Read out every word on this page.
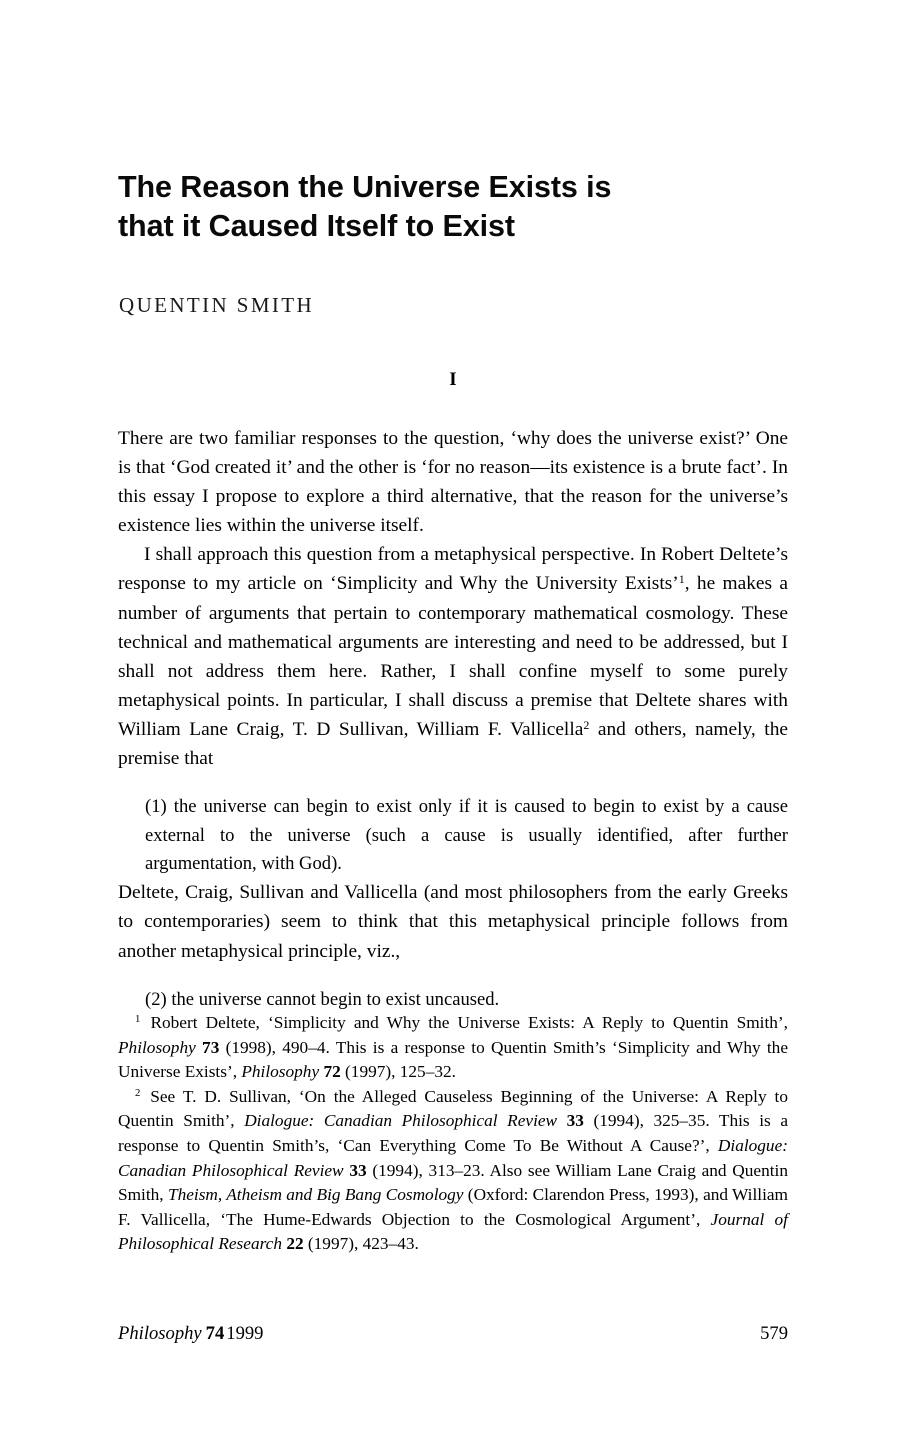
The Reason the Universe Exists is
that it Caused Itself to Exist
QUENTIN SMITH
I

There are two familiar responses to the question, ‘why does the universe exist?’ One is that ‘God created it’ and the other is ‘for no reason—its existence is a brute fact’. In this essay I propose to explore a third alternative, that the reason for the universe’s existence lies within the universe itself.

I shall approach this question from a metaphysical perspective. In Robert Deltete’s response to my article on ‘Simplicity and Why the University Exists’$^1$, he makes a number of arguments that pertain to contemporary mathematical cosmology. These technical and mathematical arguments are interesting and need to be addressed, but I shall not address them here. Rather, I shall confine myself to some purely metaphysical points. In particular, I shall discuss a premise that Deltete shares with William Lane Craig, T. D Sullivan, William F. Vallicella$^2$ and others, namely, the premise that

(1) the universe can begin to exist only if it is caused to begin to exist by a cause external to the universe (such a cause is usually identified, after further argumentation, with God).

Deltete, Craig, Sullivan and Vallicella (and most philosophers from the early Greeks to contemporaries) seem to think that this metaphysical principle follows from another metaphysical principle, viz.,

(2) the universe cannot begin to exist uncaused.

$^1$ Robert Deltete, ‘Simplicity and Why the Universe Exists: A Reply to Quentin Smith’, Philosophy 73 (1998), 490–4. This is a response to Quentin Smith’s ‘Simplicity and Why the Universe Exists’, Philosophy 72 (1997), 125–32.

$^2$ See T. D. Sullivan, ‘On the Alleged Causeless Beginning of the Universe: A Reply to Quentin Smith’, Dialogue: Canadian Philosophical Review 33 (1994), 325–35. This is a response to Quentin Smith’s, ‘Can Everything Come To Be Without A Cause?’, Dialogue: Canadian Philosophical Review 33 (1994), 313–23. Also see William Lane Craig and Quentin Smith, Theism, Atheism and Big Bang Cosmology (Oxford: Clarendon Press, 1993), and William F. Vallicella, ‘The Hume-Edwards Objection to the Cosmological Argument’, Journal of Philosophical Research 22 (1997), 423–43.

Philosophy 74 1999	579
